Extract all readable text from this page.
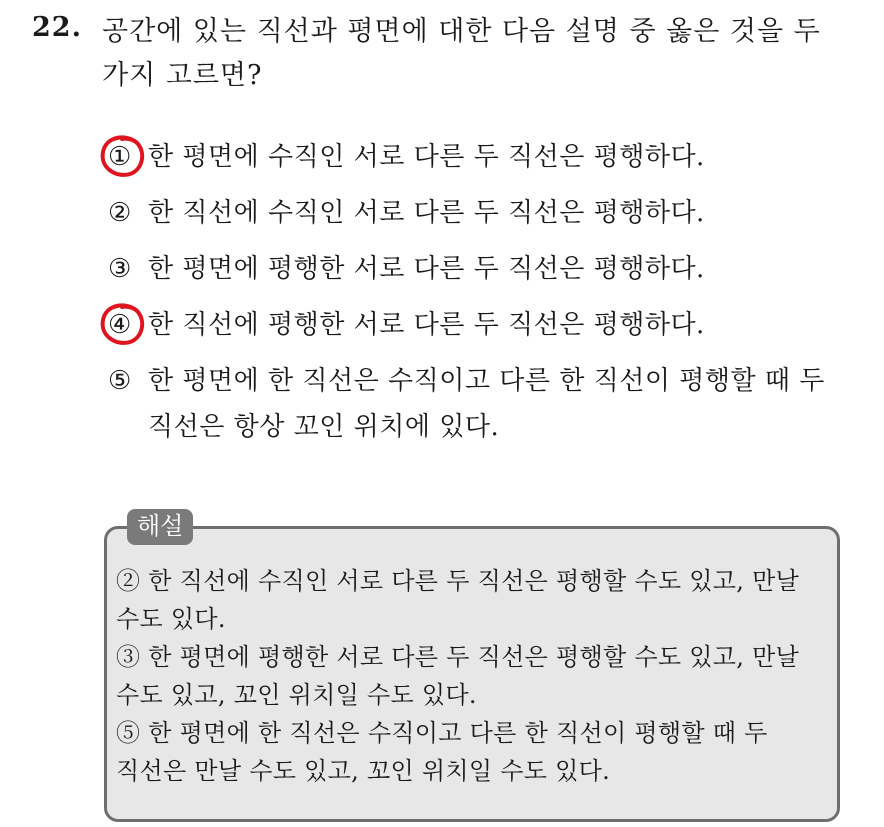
22. 공간에 있는 직선과 평면에 대한 다음 설명 중 옳은 것을 두 가지 고르면?
① 한 평면에 수직인 서로 다른 두 직선은 평행하다.
② 한 직선에 수직인 서로 다른 두 직선은 평행하다.
③ 한 평면에 평행한 서로 다른 두 직선은 평행하다.
④ 한 직선에 평행한 서로 다른 두 직선은 평행하다.
⑤ 한 평면에 한 직선은 수직이고 다른 한 직선이 평행할 때 두
직선은 항상 꼬인 위치에 있다.
해설
② 한 직선에 수직인 서로 다른 두 직선은 평행할 수도 있고, 만날
수도 있다.
③ 한 평면에 평행한 서로 다른 두 직선은 평행할 수도 있고, 만날
수도 있고, 꼬인 위치일 수도 있다.
⑤ 한 평면에 한 직선은 수직이고 다른 한 직선이 평행할 때 두
직선은 만날 수도 있고, 꼬인 위치일 수도 있다.
